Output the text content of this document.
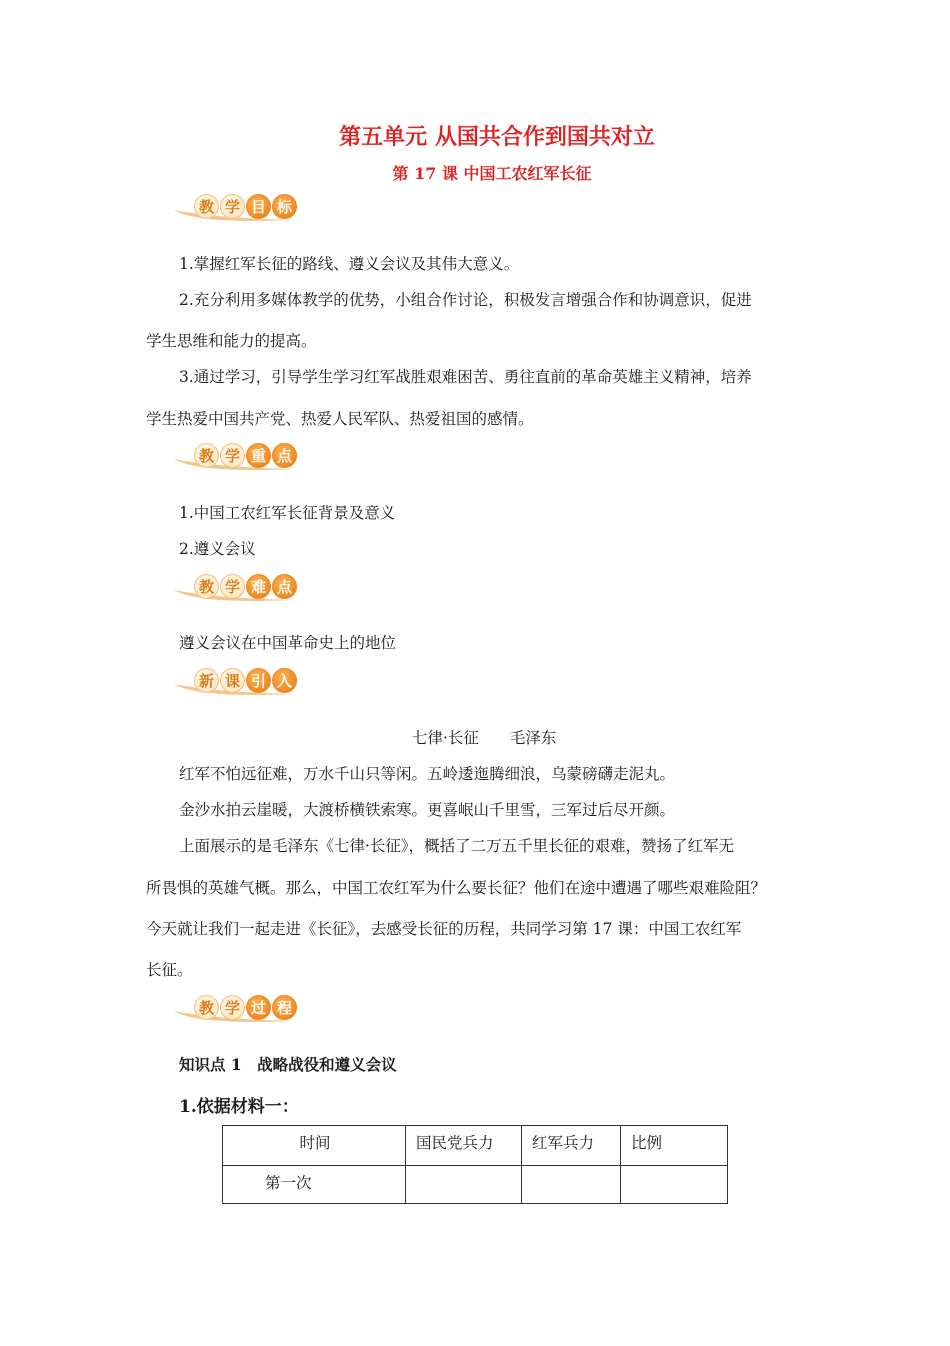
第五单元 从国共合作到国共对立
第 17 课 中国工农红军长征
教 学 目 标
1.掌握红军长征的路线、遵义会议及其伟大意义。
2.充分利用多媒体教学的优势，小组合作讨论，积极发言增强合作和协调意识，促进
学生思维和能力的提高。
3.通过学习，引导学生学习红军战胜艰难困苦、勇往直前的革命英雄主义精神，培养
学生热爱中国共产党、热爱人民军队、热爱祖国的感情。
教 学 重 点
1.中国工农红军长征背景及意义
2.遵义会议
教 学 难 点
遵义会议在中国革命史上的地位
新 课 引 入
七律·长征　　毛泽东
红军不怕远征难，万水千山只等闲。五岭逶迤腾细浪，乌蒙磅礴走泥丸。
金沙水拍云崖暖，大渡桥横铁索寒。更喜岷山千里雪，三军过后尽开颜。
上面展示的是毛泽东《七律·长征》，概括了二万五千里长征的艰难，赞扬了红军无
所畏惧的英雄气概。那么，中国工农红军为什么要长征？他们在途中遭遇了哪些艰难险阻？
今天就让我们一起走进《长征》，去感受长征的历程，共同学习第 17 课：中国工农红军
长征。
教 学 过 程
知识点 1　战略战役和遵义会议
1.依据材料一：
时间	国民党兵力	红军兵力	比例
第一次			
